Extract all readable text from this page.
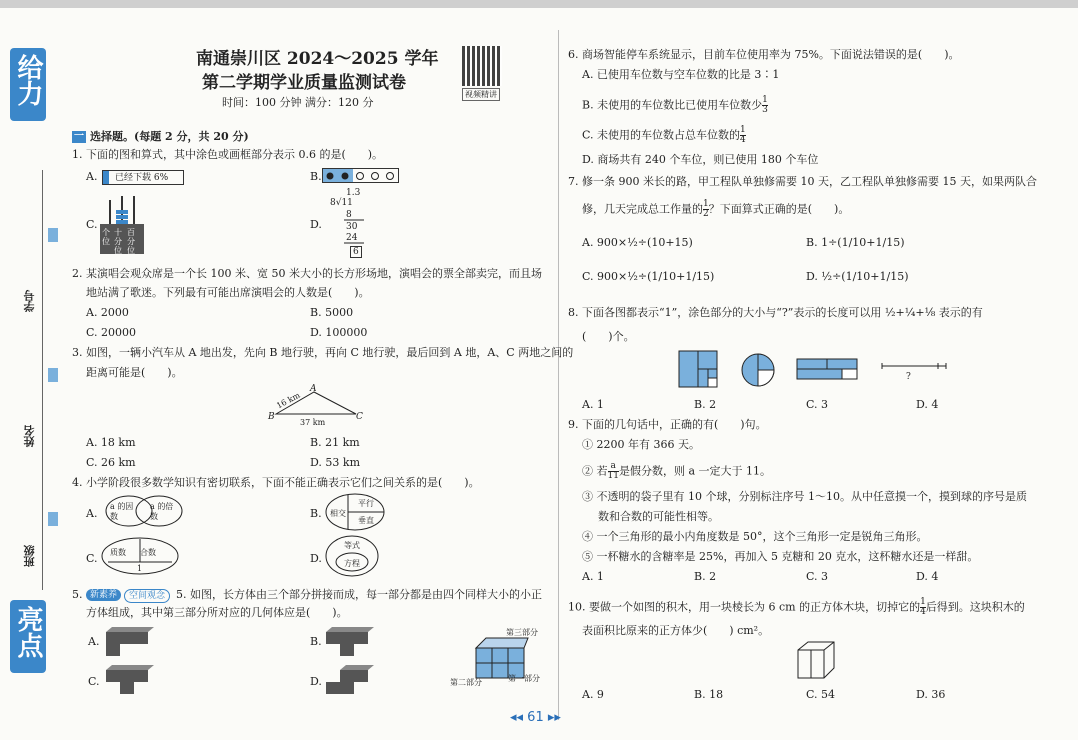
给力
亮点
学号
姓名
班级
南通崇川区 2024～2025 学年
第二学期学业质量监测试卷
时间：100 分钟 满分：120 分
视频精讲
一 选择题。(每题 2 分，共 20 分)
1. 下面的图和算式，其中涂色或画框部分表示 0.6 的是(　　)。
A. 已经下载 6%	B.
C.
个位
十分位
百分位
D.
1.3
8√11
8
30
24
6
2. 某演唱会观众席是一个长 100 米、宽 50 米大小的长方形场地，演唱会的票全部卖完，而且场
地站满了歌迷。下列最有可能出席演唱会的人数是(　　)。
A. 2000	B. 5000
C. 20000	D. 100000
3. 如图，一辆小汽车从 A 地出发，先向 B 地行驶，再向 C 地行驶，最后回到 A 地，A、C 两地之间的
距离可能是(　　)。
A
B	C
16 km
37 km
A. 18 km	B. 21 km
C. 26 km	D. 53 km
4. 小学阶段很多数学知识有密切联系，下面不能正确表示它们之间关系的是(　　)。
A.
a 的因数
a 的倍数	B. 相交
平行
垂直
C. 质数 合数
1
D.
等式
方程
5. 新素养	空间观念 5. 如图，长方体由三个部分拼接而成，每一部分都是由四个同样大小的小正
方体组成，其中第三部分所对应的几何体应是(　　)。
A.	B.
C.	D.
第三部分
第二部分	第一部分
6. 商场智能停车系统显示，目前车位使用率为 75%。下面说法错误的是(　　)。
A. 已使用车位数与空车位数的比是 3∶1
B. 未使用的车位数比已使用车位数少 $\frac{1}{3}$
C. 未使用的车位数占总车位数的 $\frac{1}{4}$
D. 商场共有 240 个车位，则已使用 180 个车位
7. 修一条 900 米长的路，甲工程队单独修需要 10 天，乙工程队单独修需要 15 天，如果两队合
修，几天完成总工作量的 $\frac{1}{2}$ ？下面算式正确的是(　　)。
A. 900×½÷(10+15)	B. 1÷(1/10+1/15)
C. 900×½÷(1/10+1/15)	D. ½÷(1/10+1/15)
8. 下面各图都表示“1”，涂色部分的大小与“?”表示的长度可以用 ½+¼+⅛ 表示的有
(　　)个。
?
A. 1	B. 2	C. 3	D. 4
9. 下面的几句话中，正确的有(　　)句。
① 2200 年有 366 天。
② 若 $\frac{a}{11}$ 是假分数，则 a 一定大于 11。
③ 不透明的袋子里有 10 个球，分别标注序号 1～10。从中任意摸一个，摸到球的序号是质
数和合数的可能性相等。
④ 一个三角形的最小内角度数是 50°，这个三角形一定是锐角三角形。
⑤ 一杯糖水的含糖率是 25%，再加入 5 克糖和 20 克水，这杯糖水还是一样甜。
A. 1	B. 2	C. 3	D. 4
10. 要做一个如图的积木，用一块棱长为 6 cm 的正方体木块，切掉它的 $\frac{1}{4}$ 后得到。这块积木的
表面积比原来的正方体少(　　) cm²。
A. 9	B. 18	C. 54	D. 36
◂◂ 61 ▸▸
